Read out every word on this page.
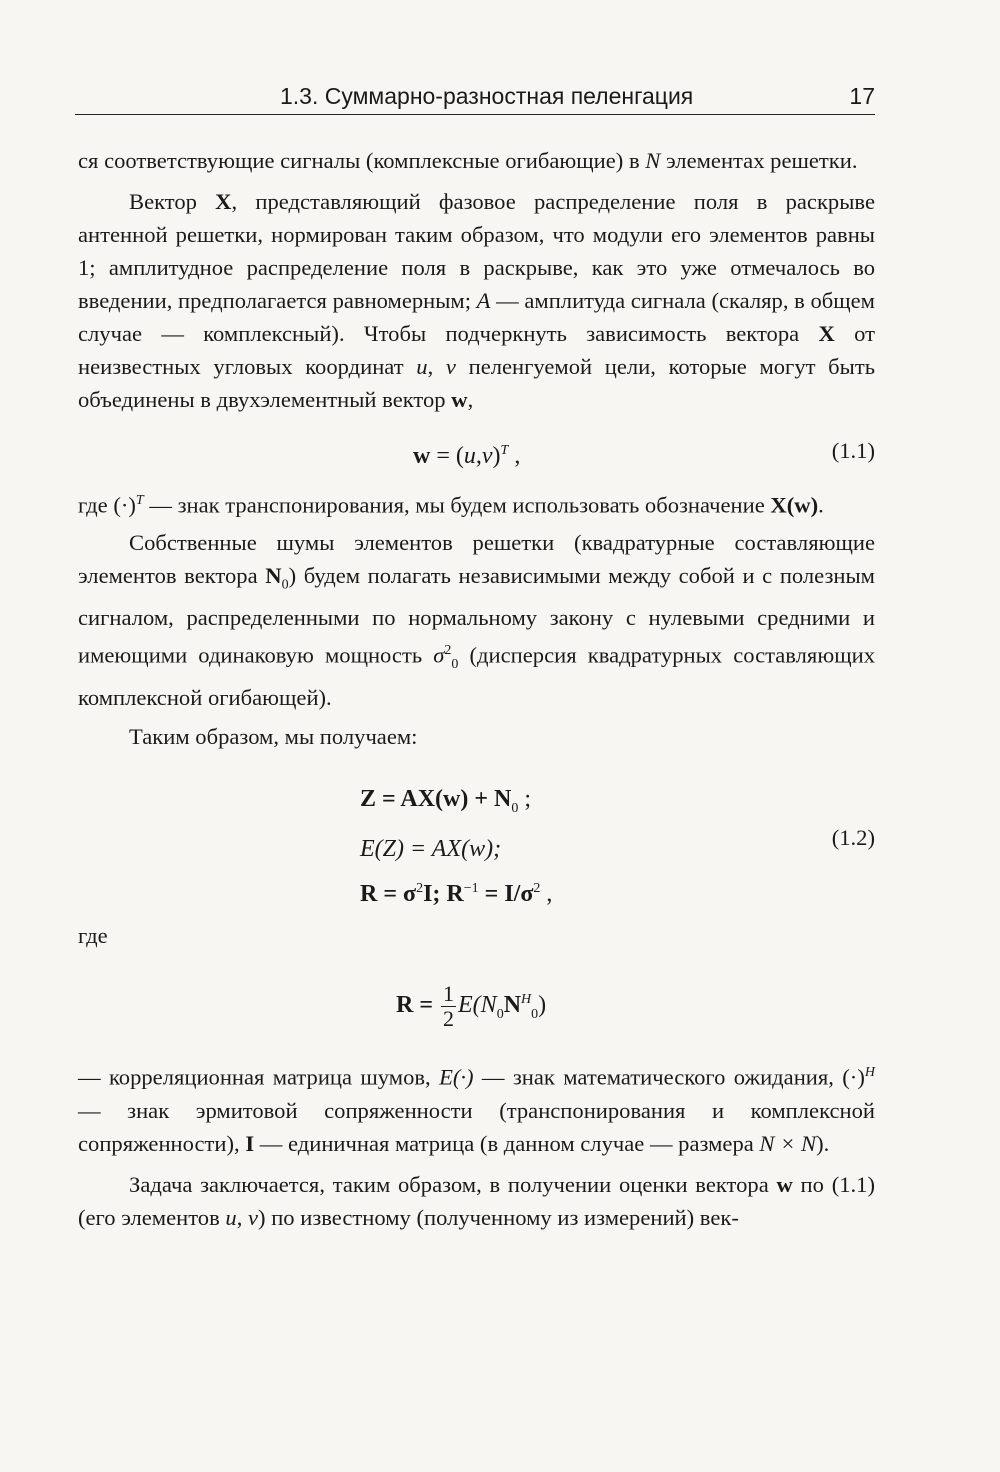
1.3. Суммарно-разностная пеленгация	17

ся соответствующие сигналы (комплексные огибающие) в N элементах решетки.

Вектор X, представляющий фазовое распределение поля в раскрыве антенной решетки, нормирован таким образом, что модули его элементов равны 1; амплитудное распределение поля в раскрыве, как это уже отмечалось во введении, предполагается равномерным; A — амплитуда сигнала (скаляр, в общем случае — комплексный). Чтобы подчеркнуть зависимость вектора X от неизвестных угловых координат u, v пеленгуемой цели, которые могут быть объединены в двухэлементный вектор w,

$w = (u,v)^T$ ,	(1.1)

где $(\cdot)^T$ — знак транспонирования, мы будем использовать обозначение X(w).

Собственные шумы элементов решетки (квадратурные составляющие элементов вектора $N_0$) будем полагать независимыми между собой и с полезным сигналом, распределенными по нормальному закону с нулевыми средними и имеющими одинаковую мощность $\sigma^2_0$ (дисперсия квадратурных составляющих комплексной огибающей).

Таким образом, мы получаем:

$Z = AX(w) + N_0$ ;
E(Z) = AX(w);
$R = \sigma^2I$; $R^{-1} = I/\sigma^2$ ,
(1.2)

где

$R = \frac{1}{2} E(N_0N^H_0)$

— корреляционная матрица шумов, E(·) — знак математического ожидания, $(\cdot)^H$ — знак эрмитовой сопряженности (транспонирования и комплексной сопряженности), I — единичная матрица (в данном случае — размера N × N).

Задача заключается, таким образом, в получении оценки вектора w по (1.1) (его элементов u, v) по известному (полученному из измерений) век-
